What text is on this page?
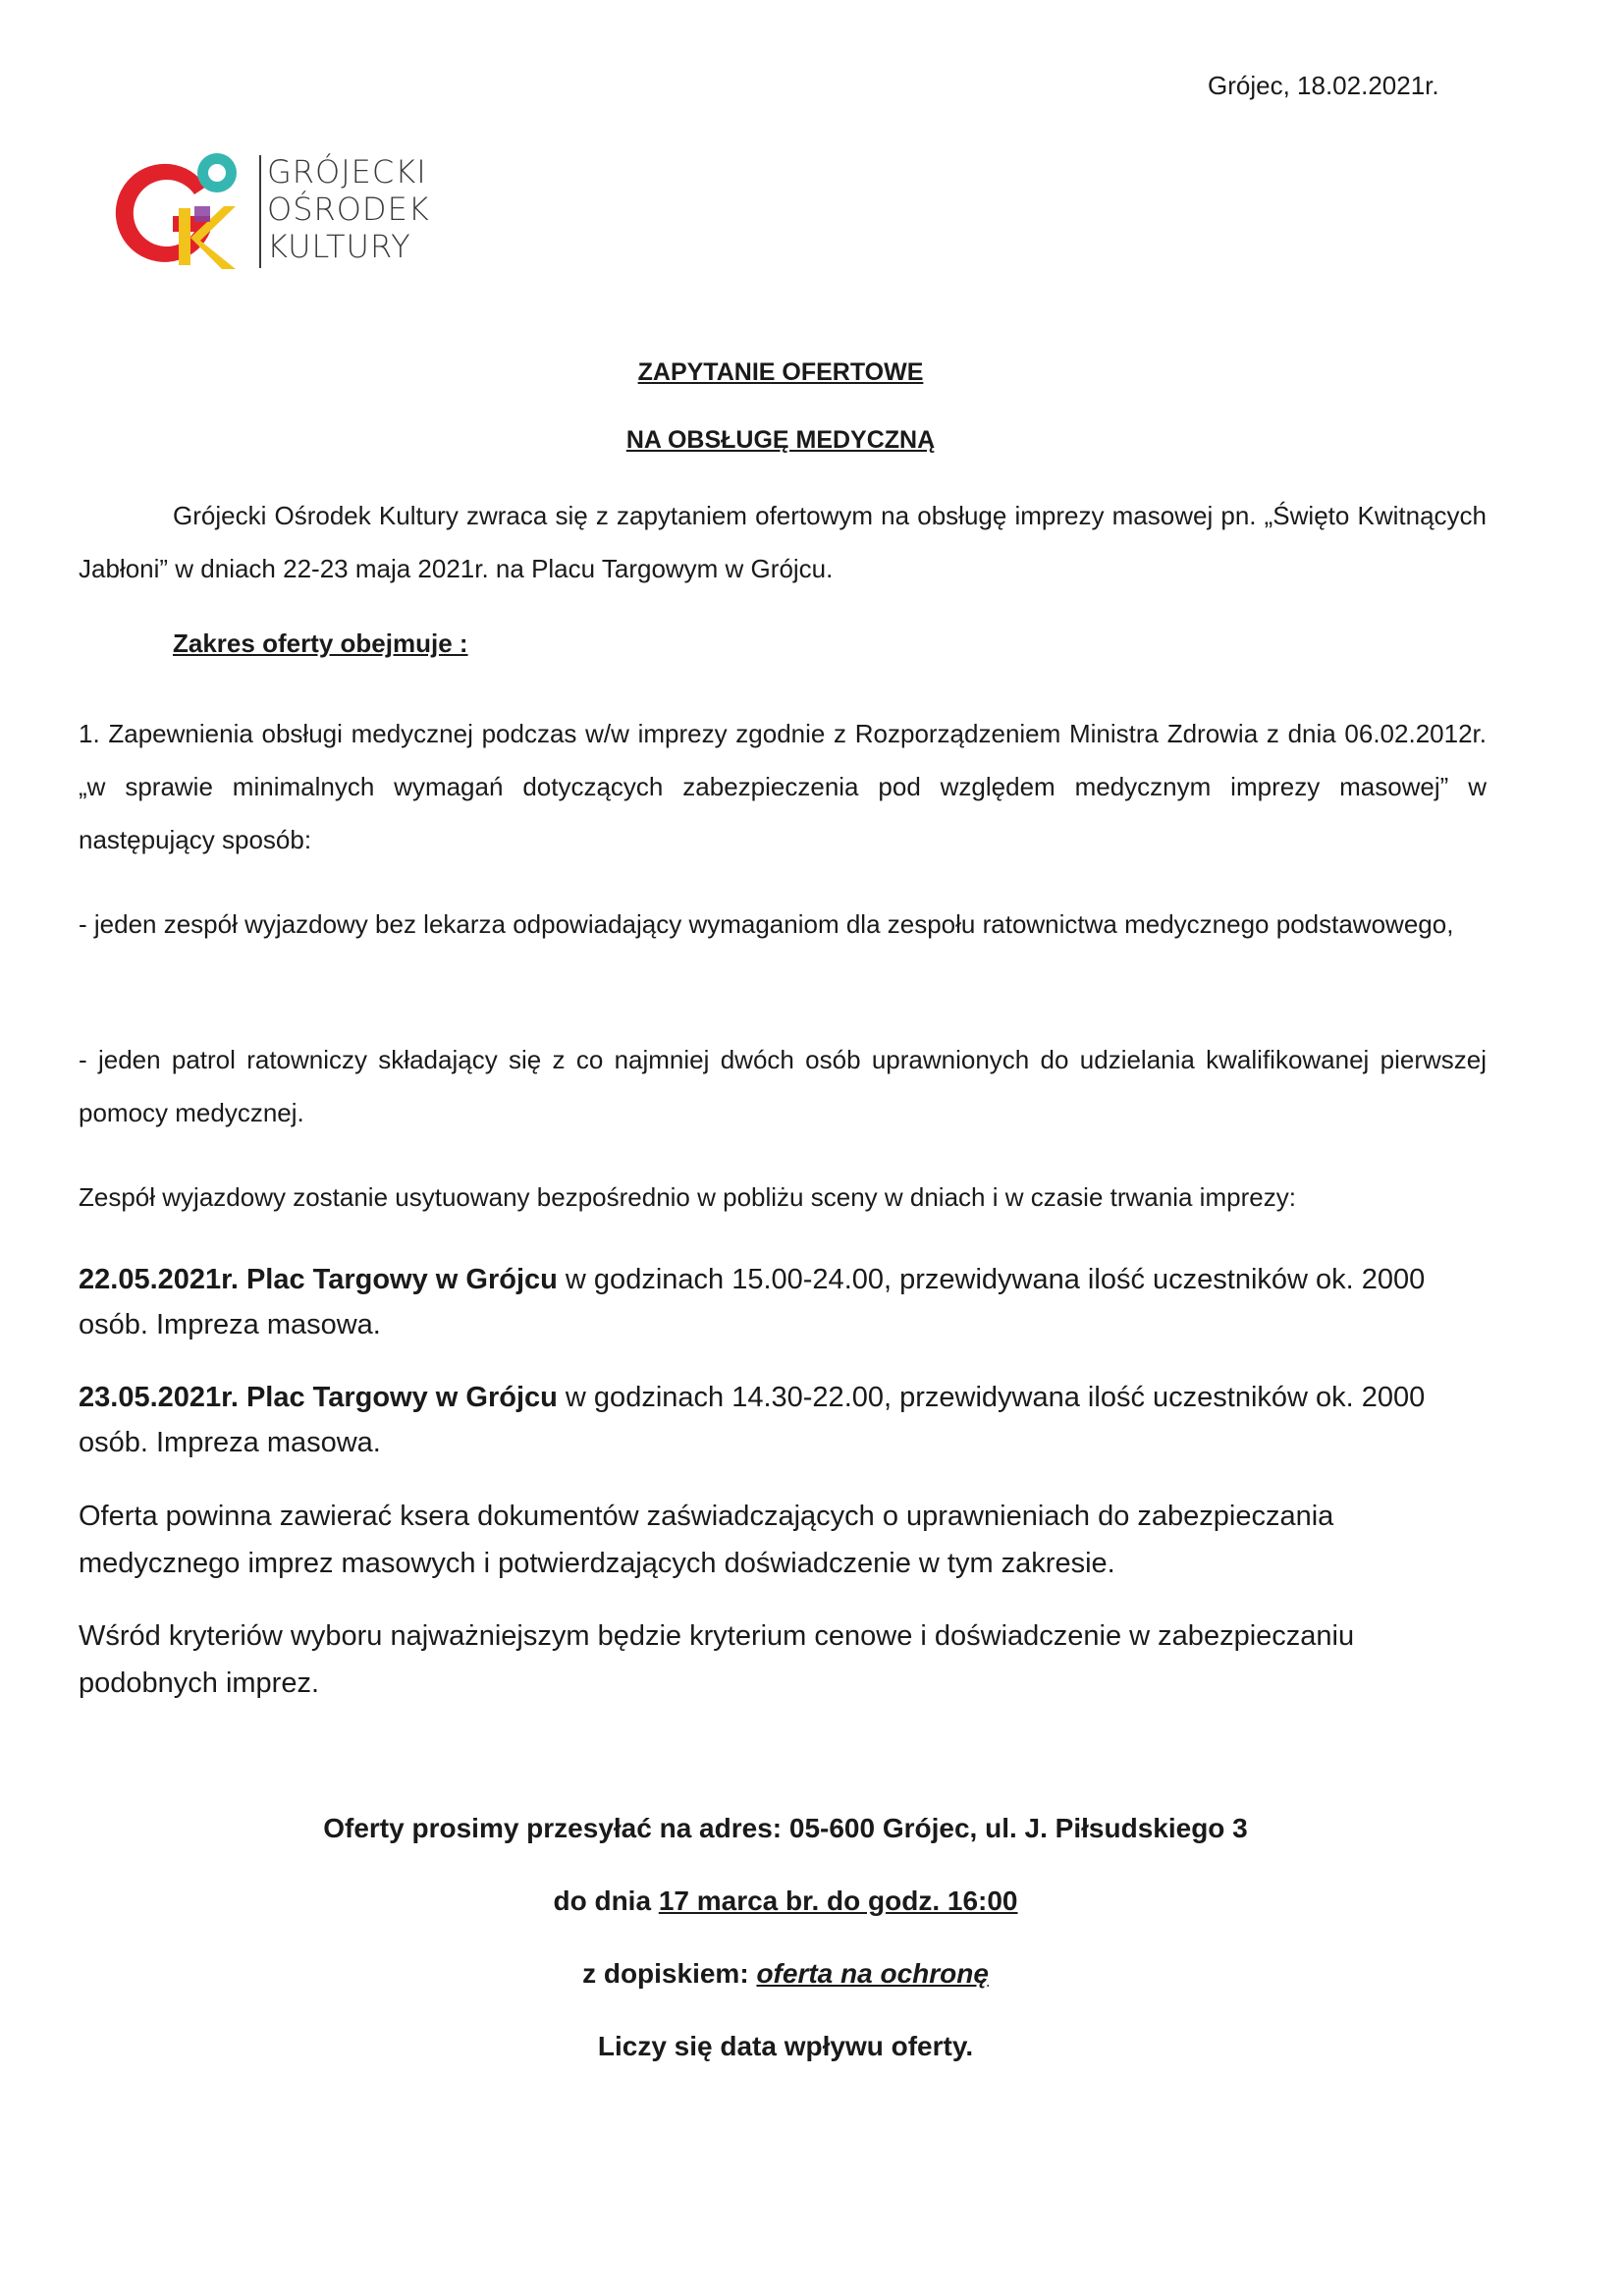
Grójec, 18.02.2021r.
GRÓJECKI
OŚRODEK
KULTURY
ZAPYTANIE OFERTOWE
NA OBSŁUGĘ MEDYCZNĄ
Grójecki Ośrodek Kultury zwraca się z zapytaniem ofertowym na obsługę imprezy masowej pn. „Święto Kwitnących Jabłoni” w dniach 22-23 maja 2021r. na Placu Targowym w Grójcu.
Zakres oferty obejmuje :
1. Zapewnienia obsługi medycznej podczas w/w imprezy zgodnie z Rozporządzeniem Ministra Zdrowia z dnia 06.02.2012r. „w sprawie minimalnych wymagań dotyczących zabezpieczenia pod względem medycznym imprezy masowej” w następujący sposób:
- jeden zespół wyjazdowy bez lekarza odpowiadający wymaganiom dla zespołu ratownictwa medycznego podstawowego,
- jeden patrol ratowniczy składający się z co najmniej dwóch osób uprawnionych do udzielania kwalifikowanej pierwszej pomocy medycznej.
Zespół wyjazdowy zostanie usytuowany bezpośrednio w pobliżu sceny w dniach i w czasie trwania imprezy:
22.05.2021r. Plac Targowy w Grójcu w godzinach 15.00-24.00, przewidywana ilość uczestników ok. 2000 osób. Impreza masowa.
23.05.2021r. Plac Targowy w Grójcu w godzinach 14.30-22.00, przewidywana ilość uczestników ok. 2000 osób. Impreza masowa.
Oferta powinna zawierać ksera dokumentów zaświadczających o uprawnieniach do zabezpieczania medycznego imprez masowych i potwierdzających doświadczenie w tym zakresie.
Wśród kryteriów wyboru najważniejszym będzie kryterium cenowe i doświadczenie w zabezpieczaniu podobnych imprez.
Oferty prosimy przesyłać na adres: 05-600 Grójec, ul. J. Piłsudskiego 3
do dnia 17 marca br. do godz. 16:00
z dopiskiem: oferta na ochronę
Liczy się data wpływu oferty.
